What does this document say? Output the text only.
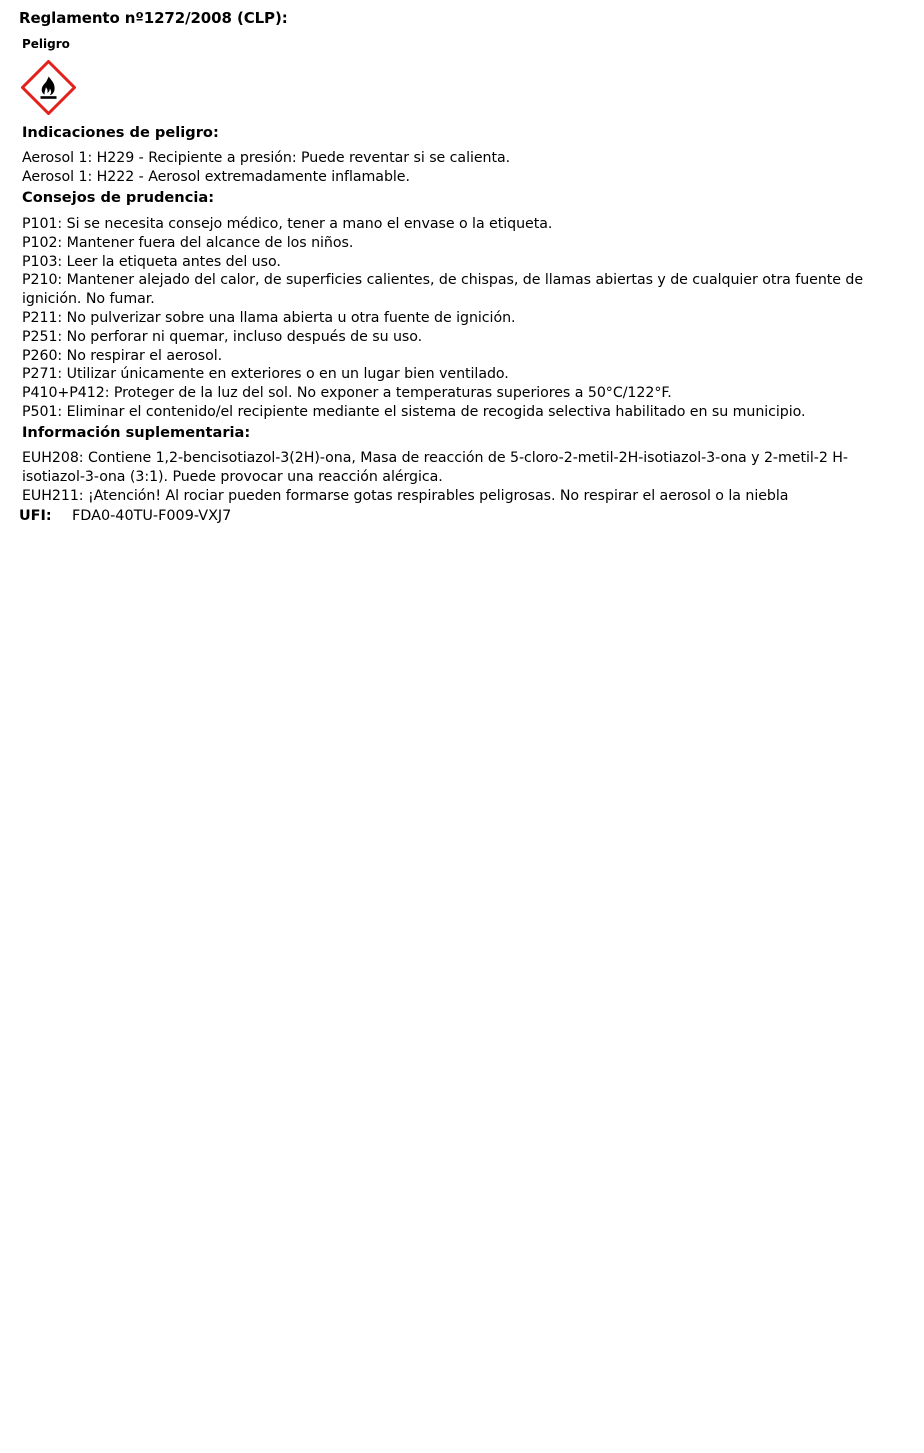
Reglamento nº1272/2008 (CLP):
Peligro
Indicaciones de peligro:
Aerosol 1: H229 - Recipiente a presión: Puede reventar si se calienta.
Aerosol 1: H222 - Aerosol extremadamente inflamable.
Consejos de prudencia:
P101: Si se necesita consejo médico, tener a mano el envase o la etiqueta.
P102: Mantener fuera del alcance de los niños.
P103: Leer la etiqueta antes del uso.
P210: Mantener alejado del calor, de superficies calientes, de chispas, de llamas abiertas y de cualquier otra fuente de ignición. No fumar.
P211: No pulverizar sobre una llama abierta u otra fuente de ignición.
P251: No perforar ni quemar, incluso después de su uso.
P260: No respirar el aerosol.
P271: Utilizar únicamente en exteriores o en un lugar bien ventilado.
P410+P412: Proteger de la luz del sol. No exponer a temperaturas superiores a 50°C/122°F.
P501: Eliminar el contenido/el recipiente mediante el sistema de recogida selectiva habilitado en su municipio.
Información suplementaria:
EUH208: Contiene 1,2-bencisotiazol-3(2H)-ona, Masa de reacción de 5-cloro-2-metil-2H-isotiazol-3-ona y 2-metil-2 H-isotiazol-3-ona (3:1). Puede provocar una reacción alérgica.
EUH211: ¡Atención! Al rociar pueden formarse gotas respirables peligrosas. No respirar el aerosol o la niebla
UFI: FDA0-40TU-F009-VXJ7
